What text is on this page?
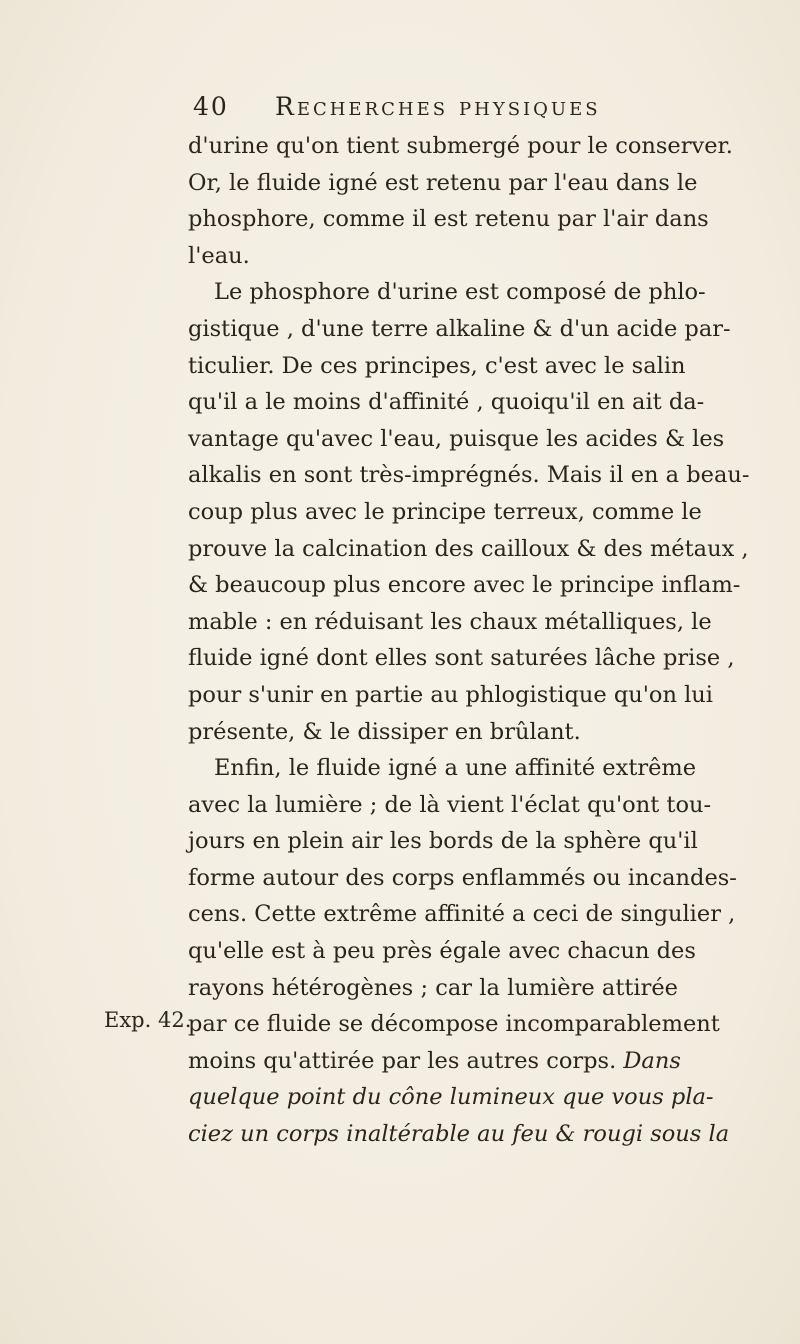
40 Recherches physiques
Exp. 42.
d'urine qu'on tient submergé pour le conserver.
Or, le fluide igné est retenu par l'eau dans le
phosphore, comme il est retenu par l'air dans
l'eau.
Le phosphore d'urine est composé de phlo-
gistique , d'une terre alkaline & d'un acide par-
ticulier. De ces principes, c'est avec le salin
qu'il a le moins d'affinité , quoiqu'il en ait da-
vantage qu'avec l'eau, puisque les acides & les
alkalis en sont très-imprégnés. Mais il en a beau-
coup plus avec le principe terreux, comme le
prouve la calcination des cailloux & des métaux ,
& beaucoup plus encore avec le principe inflam-
mable : en réduisant les chaux métalliques, le
fluide igné dont elles sont saturées lâche prise ,
pour s'unir en partie au phlogistique qu'on lui
présente, & le dissiper en brûlant.
Enfin, le fluide igné a une affinité extrême
avec la lumière ; de là vient l'éclat qu'ont tou-
jours en plein air les bords de la sphère qu'il
forme autour des corps enflammés ou incandes-
cens. Cette extrême affinité a ceci de singulier ,
qu'elle est à peu près égale avec chacun des
rayons hétérogènes ; car la lumière attirée
par ce fluide se décompose incomparablement
moins qu'attirée par les autres corps. Dans
quelque point du cône lumineux que vous pla-
ciez un corps inaltérable au feu & rougi sous la
